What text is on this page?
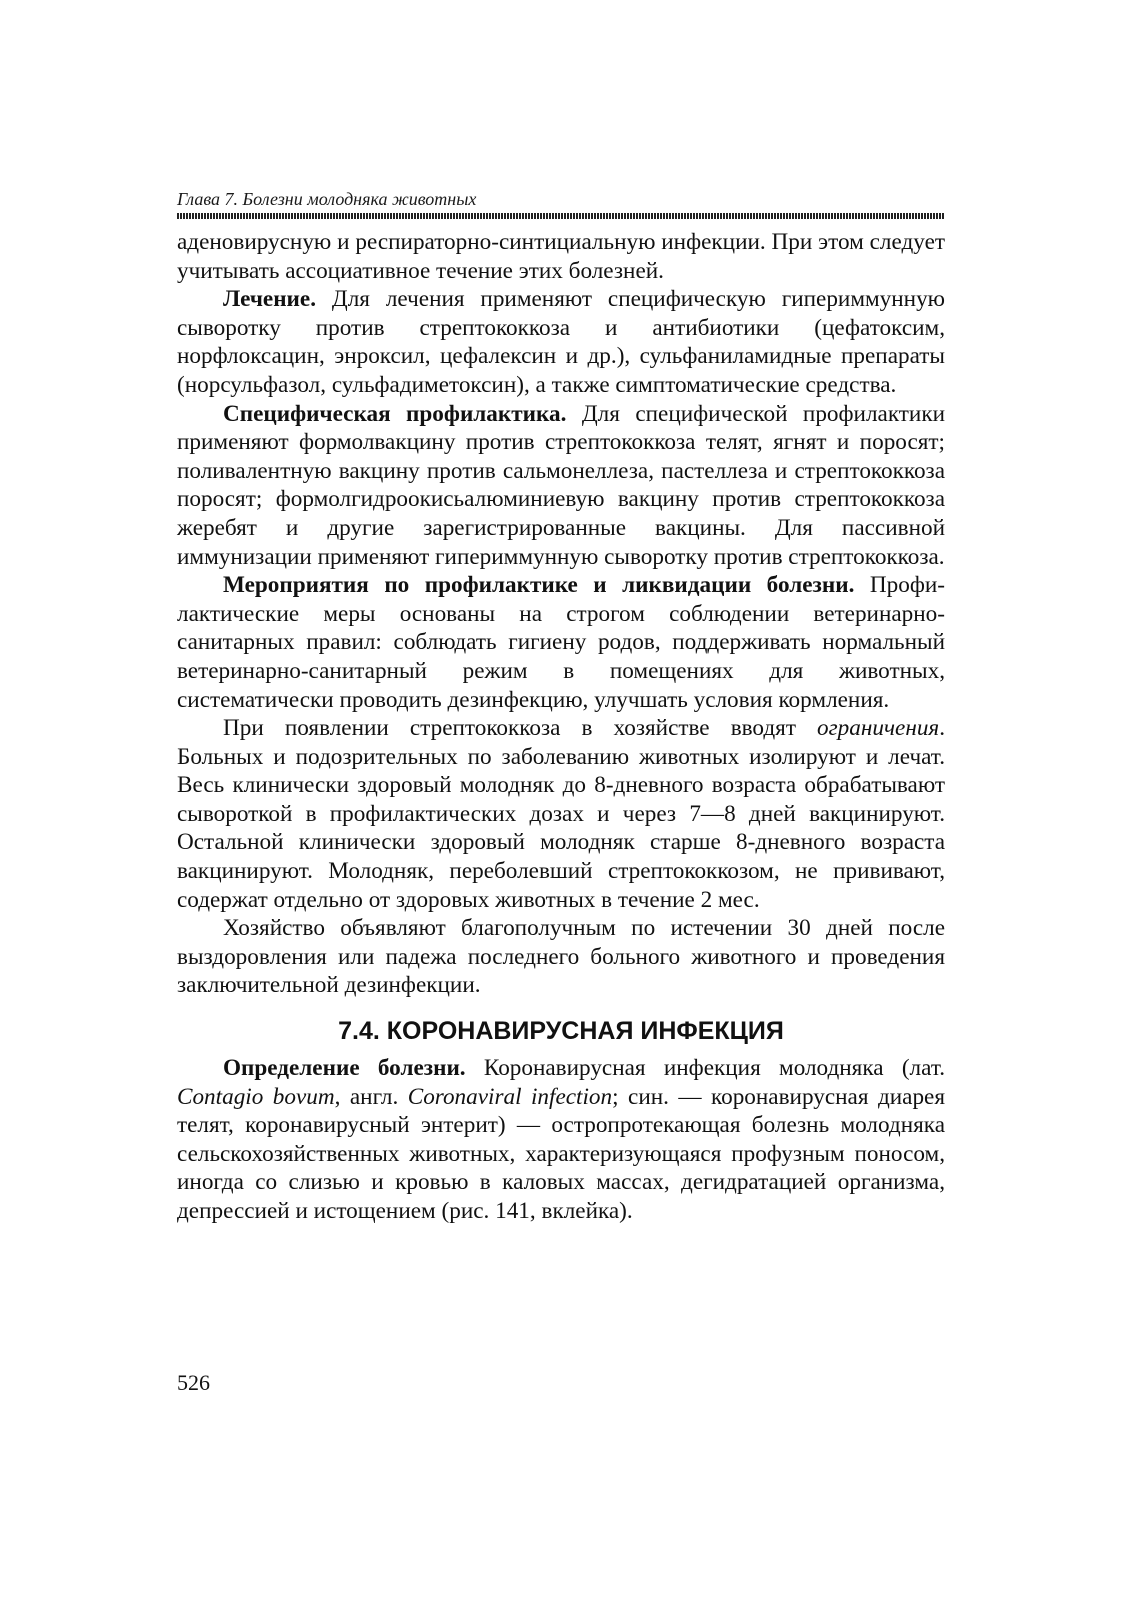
Глава 7. Болезни молодняка животных

аденовирусную и респираторно-синтициальную инфекции. При этом следует учитывать ассоциативное течение этих болезней.

Лечение. Для лечения применяют специфическую гипериммунную сыворотку против стрептококкоза и антибиотики (цефатоксим, норфлоксацин, энроксил, цефалексин и др.), сульфаниламидные препараты (норсульфазол, сульфадиметоксин), а также симптоматические средства.

Специфическая профилактика. Для специфической профилактики применяют формолвакцину против стрептококкоза телят, ягнят и поросят; поливалентную вакцину против сальмонеллеза, пастеллеза и стрептококкоза поросят; формолгидроокисьалюминиевую вакцину против стрептококкоза жеребят и другие зарегистрированные вакцины. Для пассивной иммунизации применяют гипериммунную сыворотку против стрептококкоза.

Мероприятия по профилактике и ликвидации болезни. Профилактические меры основаны на строгом соблюдении ветеринарно-санитарных правил: соблюдать гигиену родов, поддерживать нормальный ветеринарно-санитарный режим в помещениях для животных, систематически проводить дезинфекцию, улучшать условия кормления.

При появлении стрептококкоза в хозяйстве вводят ограничения. Больных и подозрительных по заболеванию животных изолируют и лечат. Весь клинически здоровый молодняк до 8-дневного возраста обрабатывают сывороткой в профилактических дозах и через 7—8 дней вакцинируют. Остальной клинически здоровый молодняк старше 8-дневного возраста вакцинируют. Молодняк, переболевший стрептококкозом, не прививают, содержат отдельно от здоровых животных в течение 2 мес.

Хозяйство объявляют благополучным по истечении 30 дней после выздоровления или падежа последнего больного животного и проведения заключительной дезинфекции.

7.4. КОРОНАВИРУСНАЯ ИНФЕКЦИЯ

Определение болезни. Коронавирусная инфекция молодняка (лат. Contagio bovum, англ. Coronaviral infection; син. — коронавирусная диарея телят, коронавирусный энтерит) — остропротекающая болезнь молодняка сельскохозяйственных животных, характеризующаяся профузным поносом, иногда со слизью и кровью в каловых массах, дегидратацией организма, депрессией и истощением (рис. 141, вклейка).

526
